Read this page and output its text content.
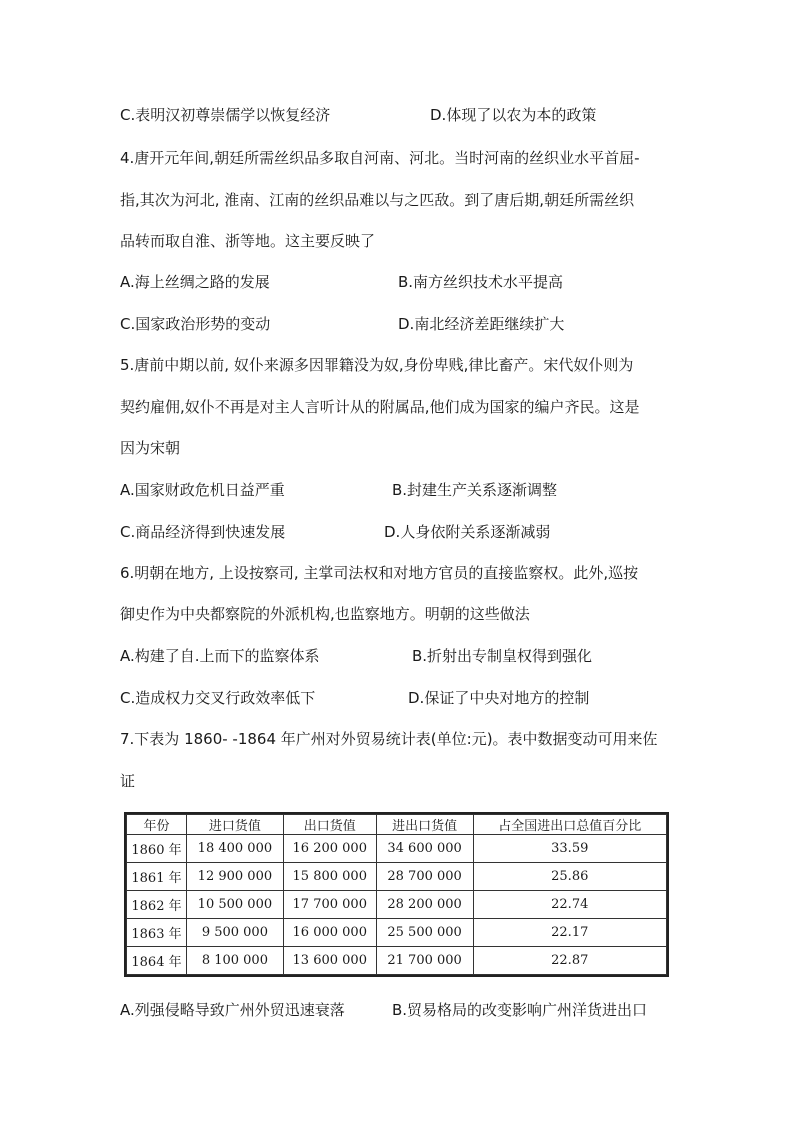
C.表明汉初尊崇儒学以恢复经济	D.体现了以农为本的政策
4.唐开元年间,朝廷所需丝织品多取自河南、河北。当时河南的丝织业水平首屈-
指,其次为河北, 淮南、江南的丝织品难以与之匹敌。到了唐后期,朝廷所需丝织
品转而取自淮、浙等地。这主要反映了
A.海上丝绸之路的发展	B.南方丝织技术水平提高
C.国家政治形势的变动	D.南北经济差距继续扩大
5.唐前中期以前, 奴仆来源多因罪籍没为奴,身份卑贱,律比畜产。宋代奴仆则为
契约雇佣,奴仆不再是对主人言听计从的附属品,他们成为国家的编户齐民。这是
因为宋朝
A.国家财政危机日益严重	B.封建生产关系逐渐调整
C.商品经济得到快速发展	D.人身依附关系逐渐减弱
6.明朝在地方, 上设按察司, 主掌司法权和对地方官员的直接监察权。此外,巡按
御史作为中央都察院的外派机构,也监察地方。明朝的这些做法
A.构建了自.上而下的监察体系	B.折射出专制皇权得到强化
C.造成权力交叉行政效率低下	D.保证了中央对地方的控制
7.下表为 1860- -1864 年广州对外贸易统计表(单位:元)。表中数据变动可用来佐
证
年份	进口货值	出口货值	进出口货值	占全国进出口总值百分比
1860 年	18 400 000	16 200 000	34 600 000	33.59
1861 年	12 900 000	15 800 000	28 700 000	25.86
1862 年	10 500 000	17 700 000	28 200 000	22.74
1863 年	9 500 000	16 000 000	25 500 000	22.17
1864 年	8 100 000	13 600 000	21 700 000	22.87
A.列强侵略导致广州外贸迅速衰落	B.贸易格局的改变影响广州洋货进出口
